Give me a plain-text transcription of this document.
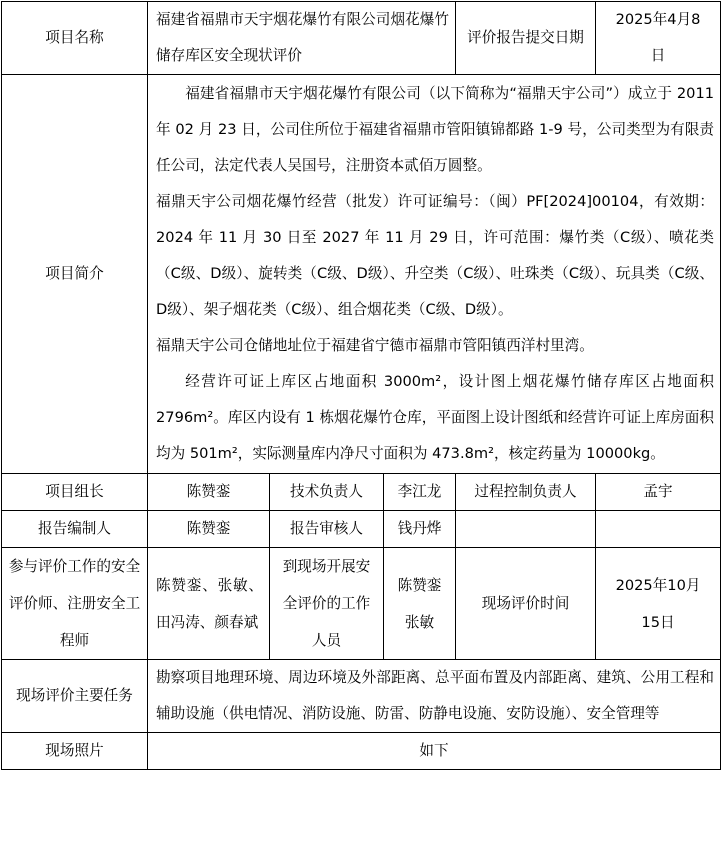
项目名称	福建省福鼎市天宇烟花爆竹有限公司烟花爆竹储存库区安全现状评价			评价报告提交日期	2025年4月8日
项目简介	福建省福鼎市天宇烟花爆竹有限公司（以下简称为“福鼎天宇公司”）成立于 2011 年 02 月 23 日，公司住所位于福建省福鼎市管阳镇锦都路 1-9 号，公司类型为有限责任公司，法定代表人吴国号，注册资本贰佰万圆整。

福鼎天宇公司烟花爆竹经营（批发）许可证编号：（闽）PF[2024]00104，有效期：2024 年 11 月 30 日至 2027 年 11 月 29 日，许可范围：爆竹类（C级）、喷花类（C级、D级）、旋转类（C级、D级）、升空类（C级）、吐珠类（C级）、玩具类（C级、D级）、架子烟花类（C级）、组合烟花类（C级、D级）。

福鼎天宇公司仓储地址位于福建省宁德市福鼎市管阳镇西洋村里湾。

经营许可证上库区占地面积 3000m²，设计图上烟花爆竹储存库区占地面积 2796m²。库区内设有 1 栋烟花爆竹仓库，平面图上设计图纸和经营许可证上库房面积均为 501m²，实际测量库内净尺寸面积为 473.8m²，核定药量为 10000kg。				

项目组长	陈赞銮	技术负责人	李江龙	过程控制负责人	孟宇
报告编制人	陈赞銮	报告审核人	钱丹烨		
参与评价工作的安全评价师、注册安全工程师	陈赞銮、张敏、田冯涛、颜春斌	到现场开展安全评价的工作人员	陈赞銮张敏	现场评价时间	2025年10月15日
现场评价主要任务	勘察项目地理环境、周边环境及外部距离、总平面布置及内部距离、建筑、公用工程和辅助设施（供电情况、消防设施、防雷、防静电设施、安防设施）、安全管理等				
现场照片	如下				
